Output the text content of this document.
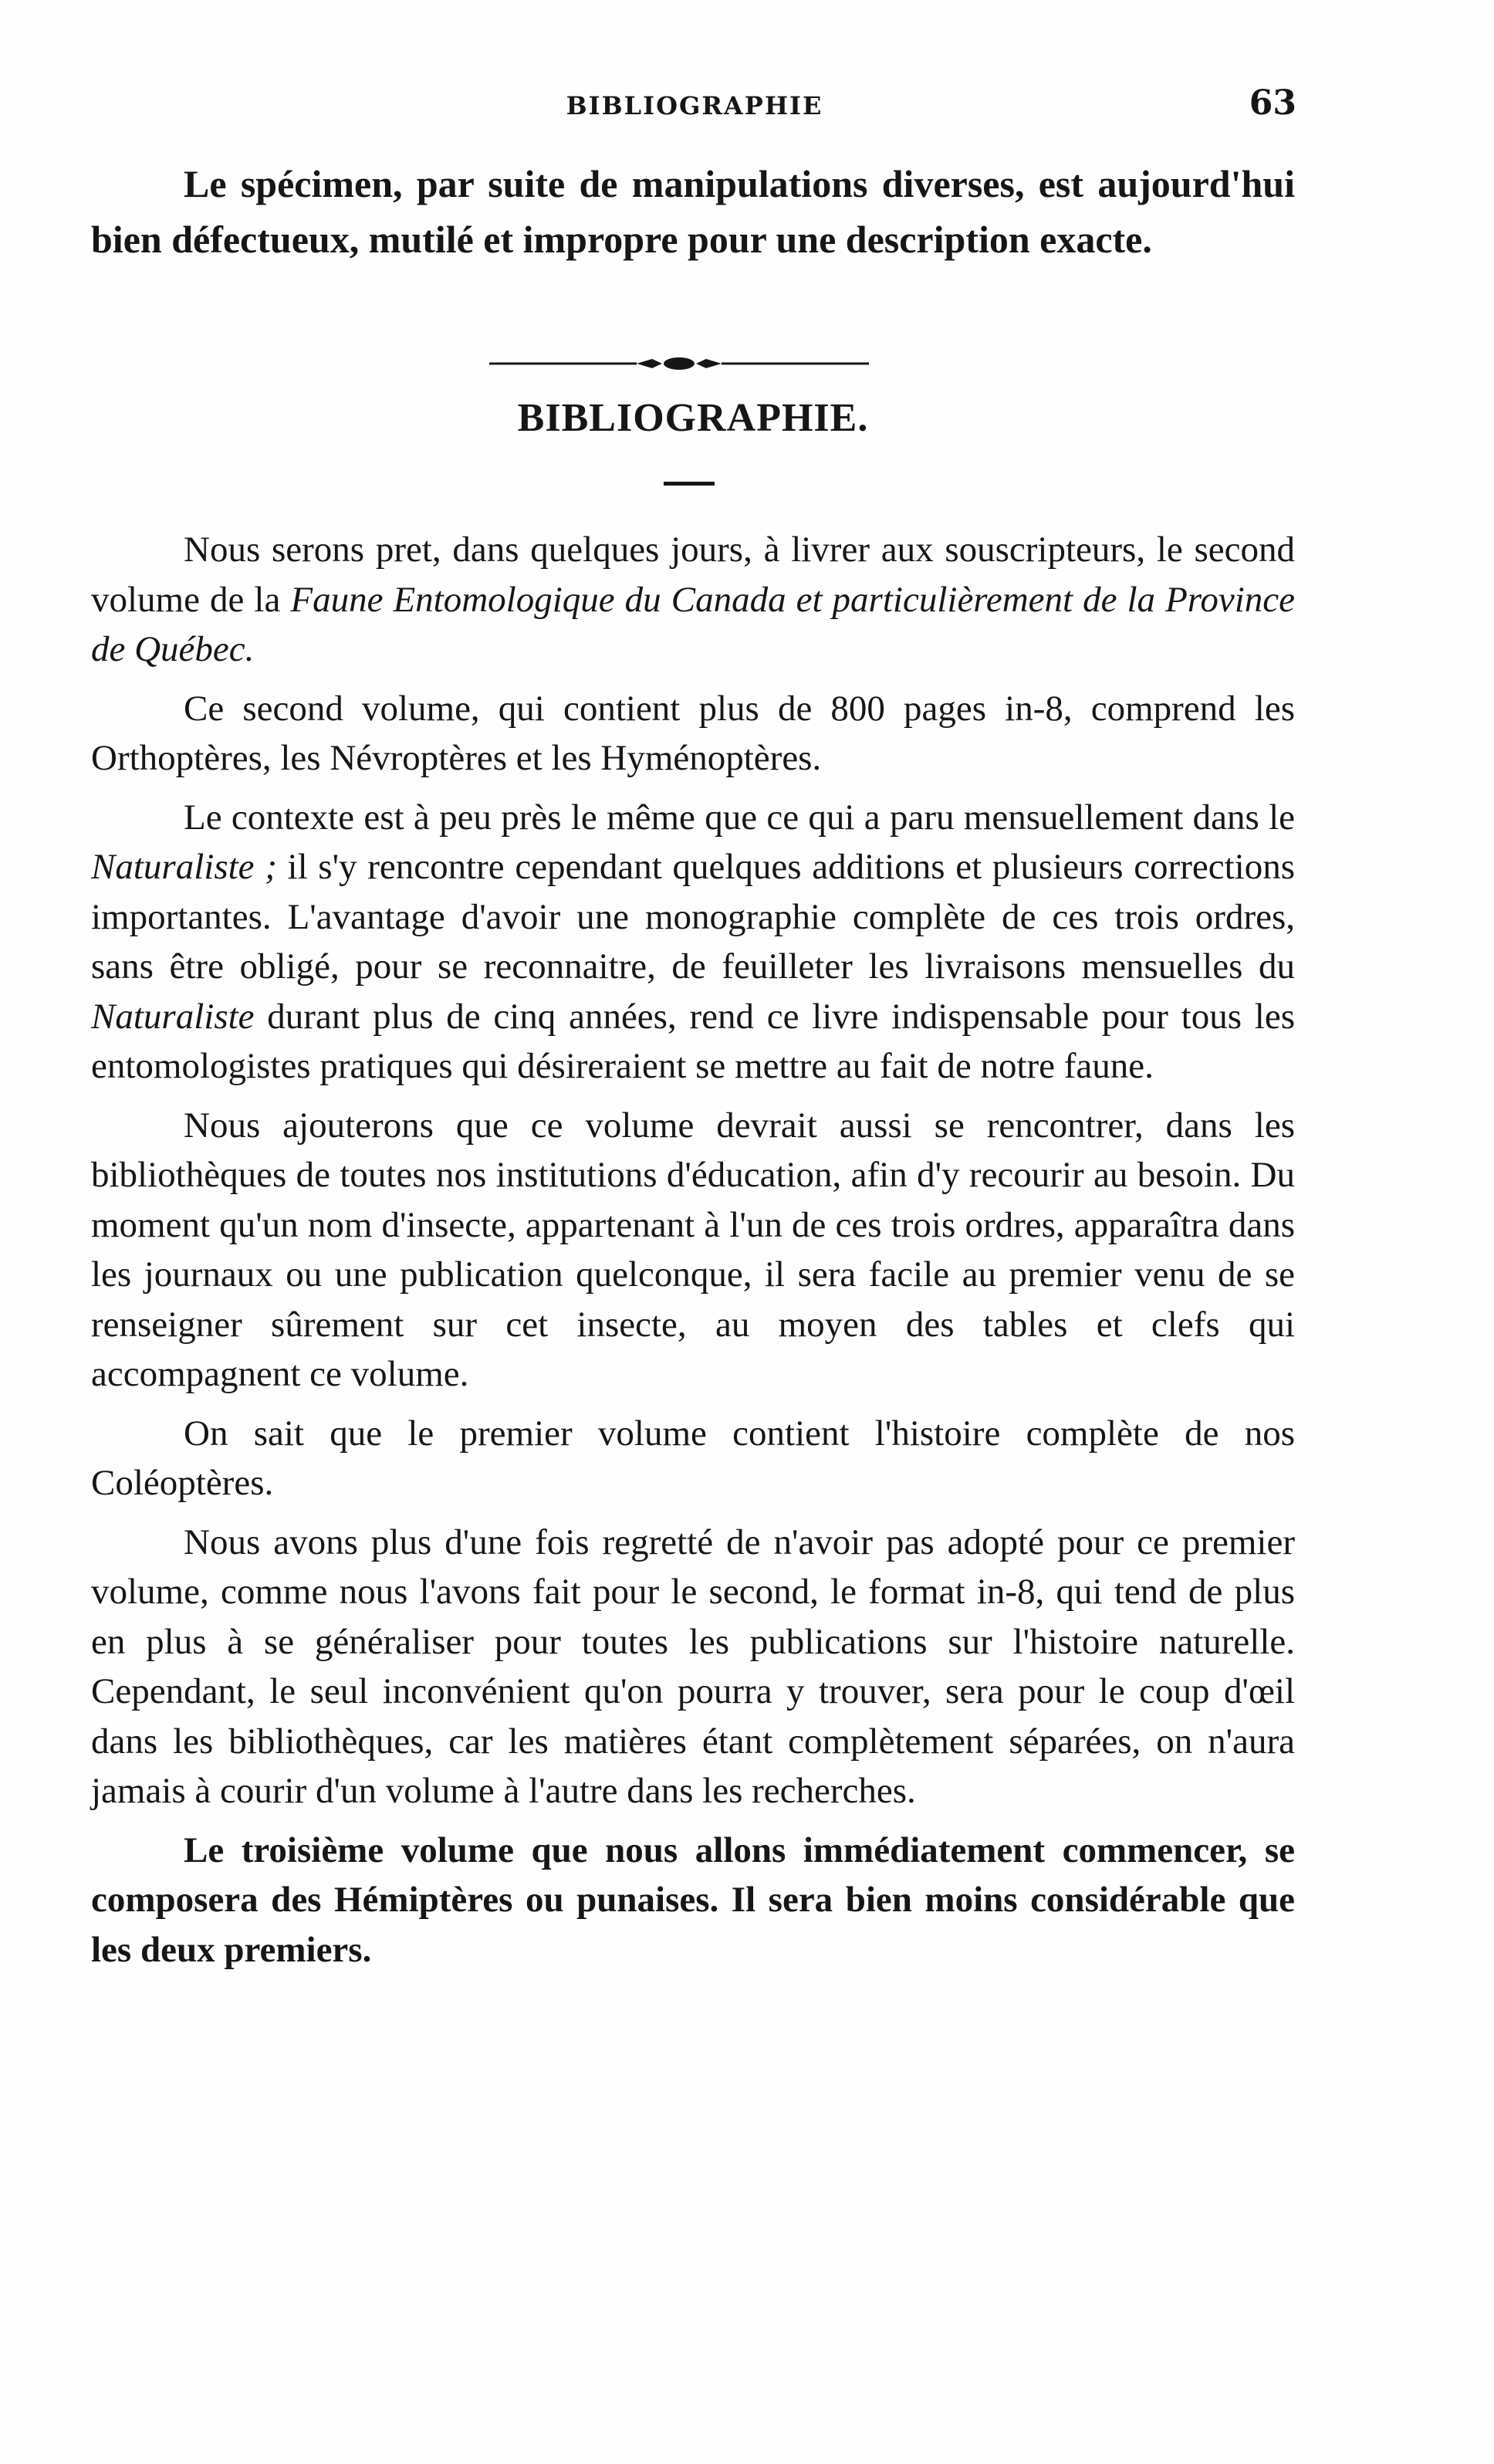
BIBLIOGRAPHIE	63
Le spécimen, par suite de manipulations diverses, est aujourd'hui bien défectueux, mutilé et impropre pour une description exacte.
BIBLIOGRAPHIE.

Nous serons pret, dans quelques jours, à livrer aux souscripteurs, le second volume de la Faune Entomologique du Canada et particulièrement de la Province de Québec.

Ce second volume, qui contient plus de 800 pages in-8, comprend les Orthoptères, les Névroptères et les Hyménoptères.

Le contexte est à peu près le même que ce qui a paru mensuellement dans le Naturaliste ; il s'y rencontre cependant quelques additions et plusieurs corrections importantes. L'avantage d'avoir une monographie complète de ces trois ordres, sans être obligé, pour se reconnaitre, de feuilleter les livraisons mensuelles du Naturaliste durant plus de cinq années, rend ce livre indispensable pour tous les entomologistes pratiques qui désireraient se mettre au fait de notre faune.

Nous ajouterons que ce volume devrait aussi se rencontrer, dans les bibliothèques de toutes nos institutions d'éducation, afin d'y recourir au besoin. Du moment qu'un nom d'insecte, appartenant à l'un de ces trois ordres, apparaîtra dans les journaux ou une publication quelconque, il sera facile au premier venu de se renseigner sûrement sur cet insecte, au moyen des tables et clefs qui accompagnent ce volume.

On sait que le premier volume contient l'histoire complète de nos Coléoptères.

Nous avons plus d'une fois regretté de n'avoir pas adopté pour ce premier volume, comme nous l'avons fait pour le second, le format in-8, qui tend de plus en plus à se généraliser pour toutes les publications sur l'histoire naturelle. Cependant, le seul inconvénient qu'on pourra y trouver, sera pour le coup d'œil dans les bibliothèques, car les matières étant complètement séparées, on n'aura jamais à courir d'un volume à l'autre dans les recherches.

Le troisième volume que nous allons immédiatement commencer, se composera des Hémiptères ou punaises. Il sera bien moins considérable que les deux premiers.
